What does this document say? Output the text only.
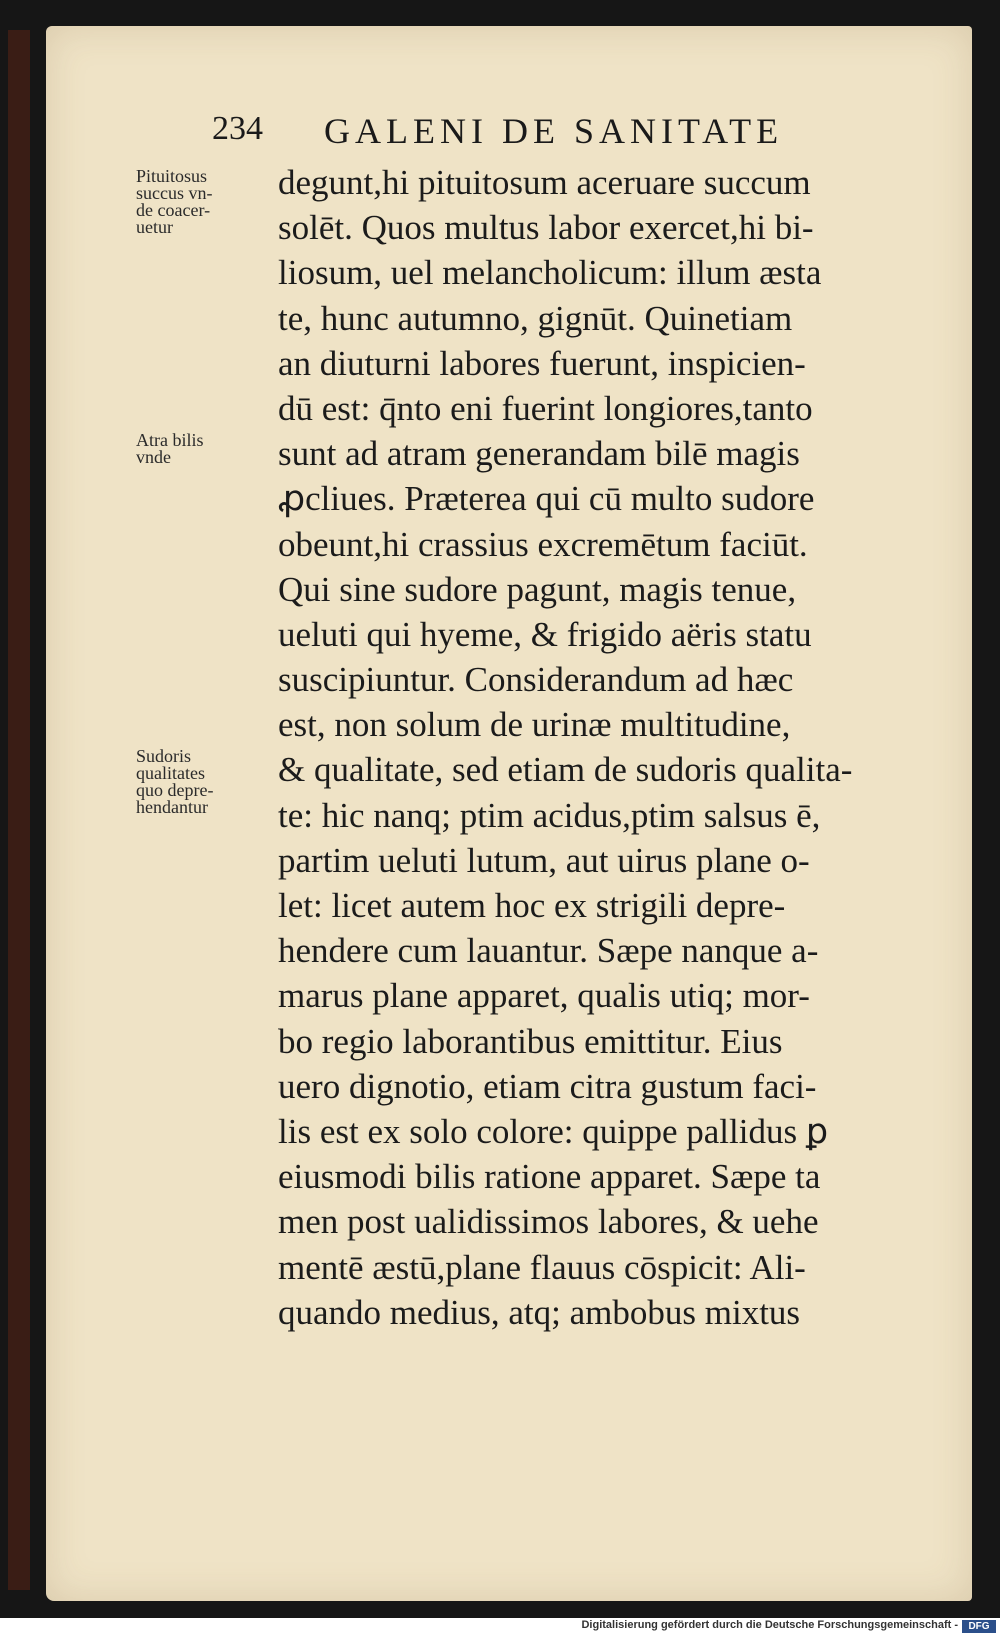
234 GALENI DE SANITATE
Pituitosus
succus vn-
de coacer-
uetur
Atra bilis
vnde
Sudoris
qualitates
quo depre-
hendantur
degunt,hi pituitosum aceruare succum
solēt. Quos multus labor exercet,hi bi-
liosum, uel melancholicum: illum æsta
te, hunc autumno, gignūt. Quinetiam
an diuturni labores fuerunt, inspicien-
dū est: q̄nto eni fuerint longiores,tanto
sunt ad atram generandam bilē magis
ꝓcliues. Præterea qui cū multo sudore
obeunt,hi crassius excremētum faciūt.
Qui sine sudore pagunt, magis tenue,
ueluti qui hyeme, & frigido aëris statu
suscipiuntur. Considerandum ad hæc
est, non solum de urinæ multitudine,
& qualitate, sed etiam de sudoris qualita-
te: hic nanq; ptim acidus,ptim salsus ē,
partim ueluti lutum, aut uirus plane o-
let: licet autem hoc ex strigili depre-
hendere cum lauantur. Sæpe nanque a-
marus plane apparet, qualis utiq; mor-
bo regio laborantibus emittitur. Eius
uero dignotio, etiam citra gustum faci-
lis est ex solo colore: quippe pallidus ꝑ
eiusmodi bilis ratione apparet. Sæpe ta
men post ualidissimos labores, & uehe
mentē æstū,plane flauus cōspicit: Ali-
quando medius, atq; ambobus mixtus
Digitalisierung gefördert durch die Deutsche Forschungsgemeinschaft -	DFG
